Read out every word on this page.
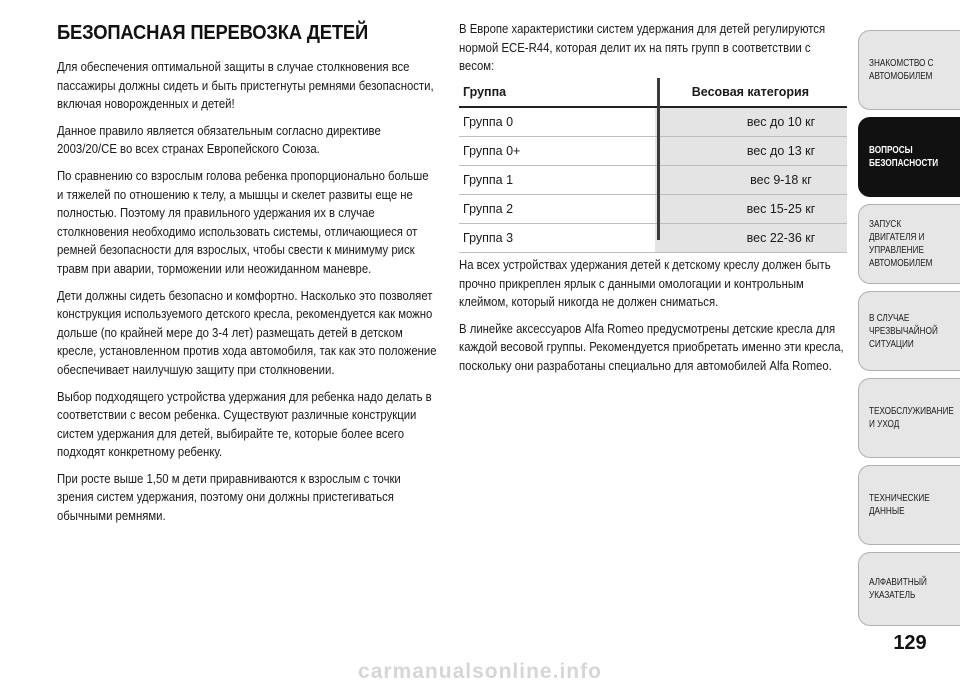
БЕЗОПАСНАЯ ПЕРЕВОЗКА ДЕТЕЙ

Для обеспечения оптимальной защиты в случае столкновения все пассажиры должны сидеть и быть пристегнуты ремнями безопасности, включая новорожденных и детей!

Данное правило является обязательным согласно директиве 2003/20/CE во всех странах Европейского Союза.

По сравнению со взрослым голова ребенка пропорционально больше и тяжелей по отношению к телу, а мышцы и скелет развиты еще не полностью. Поэтому ля правильного удержания их в случае столкновения необходимо использовать системы, отличающиеся от ремней безопасности для взрослых, чтобы свести к минимуму риск травм при аварии, торможении или неожиданном маневре.

Дети должны сидеть безопасно и комфортно. Насколько это позволяет конструкция используемого детского кресла, рекомендуется как можно дольше (по крайней мере до 3-4 лет) размещать детей в детском кресле, установленном против хода автомобиля, так как это положение обеспечивает наилучшую защиту при столкновении.

Выбор подходящего устройства удержания для ребенка надо делать в соответствии с весом ребенка. Существуют различные конструкции систем удержания для детей, выбирайте те, которые более всего подходят конкретному ребенку.

При росте выше 1,50 м дети приравниваются к взрослым с точки зрения систем удержания, поэтому они должны пристегиваться обычными ремнями.

В Европе характеристики систем удержания для детей регулируются нормой ECE-R44, которая делит их на пять групп в соответствии с весом:

Группа	Весовая категория
Группа 0	вес до 10 кг
Группа 0+	вес до 13 кг
Группа 1	вес 9-18 кг
Группа 2	вес 15-25 кг
Группа 3	вес 22-36 кг

На всех устройствах удержания детей к детскому креслу должен быть прочно прикреплен ярлык с данными омологации и контрольным клеймом, который никогда не должен сниматься.

В линейке аксессуаров Alfa Romeo предусмотрены детские кресла для каждой весовой группы. Рекомендуется приобретать именно эти кресла, поскольку они разработаны специально для автомобилей Alfa Romeo.

ЗНАКОМСТВО С АВТОМОБИЛЕМ
ВОПРОСЫ БЕЗОПАСНОСТИ
ЗАПУСК ДВИГАТЕЛЯ И УПРАВЛЕНИЕ АВТОМОБИЛЕМ
В СЛУЧАЕ ЧРЕЗВЫЧАЙНОЙ СИТУАЦИИ
ТЕХОБСЛУЖИВАНИЕ И УХОД
ТЕХНИЧЕСКИЕ ДАННЫЕ
АЛФАВИТНЫЙ УКАЗАТЕЛЬ
129
carmanualsonline.info
